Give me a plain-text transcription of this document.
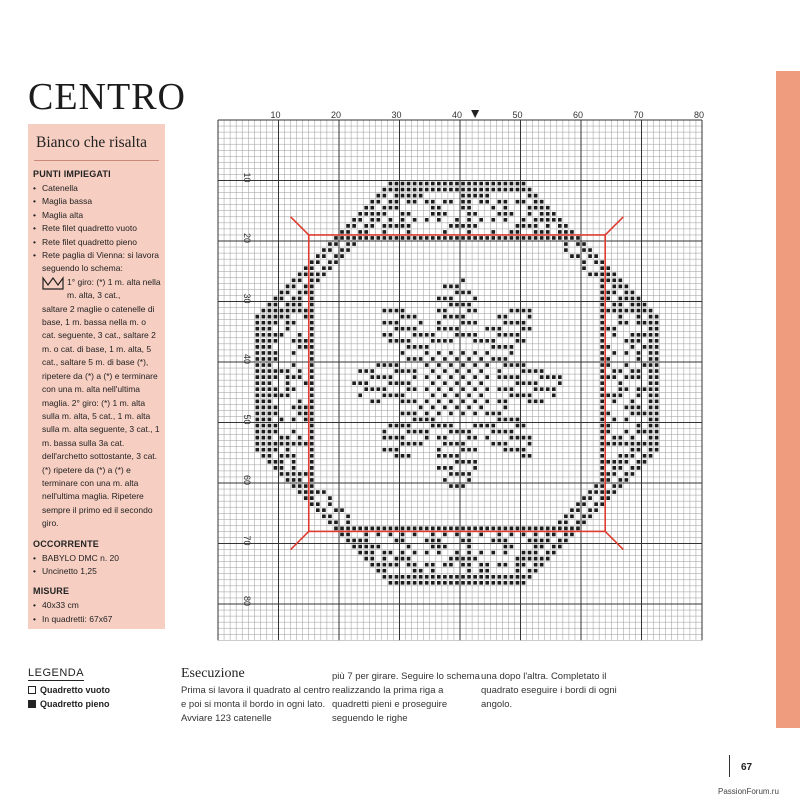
CENTRO
Bianco che risalta
PUNTI IMPIEGATI
• Catenella
• Maglia bassa
• Maglia alta
• Rete filet quadretto vuoto
• Rete filet quadretto pieno
• Rete paglia di Vienna: si lavora seguendo lo schema:
1° giro: (*) 1 m. alta nella m. alta, 3 cat.,
saltare 2 maglie o catenelle di base, 1 m. bassa nella m. o cat. seguente, 3 cat., saltare 2 m. o cat. di base, 1 m. alta, 5 cat., saltare 5 m. di base (*), ripetere da (*) a (*) e terminare con una m. alta nell'ultima maglia. 2° giro: (*) 1 m. alta sulla m. alta, 5 cat., 1 m. alta sulla m. alta seguente, 3 cat., 1 m. bassa sulla 3a cat. dell'archetto sottostante, 3 cat. (*) ripetere da (*) a (*) e terminare con una m. alta nell'ultima maglia. Ripetere sempre il primo ed il secondo giro.
OCCORRENTE
• BABYLO DMC n. 20
• Uncinetto 1,25
MISURE
• 40x33 cm
• In quadretti: 67x67
10	20	30	40	50	60	70	80
10
20
30
40
50
60
70
80
LEGENDA
Quadretto vuoto
Quadretto pieno
Esecuzione
Prima si lavora il quadrato al centro e poi si monta il bordo in ogni lato. Avviare 123 catenelle
più 7 per girare. Seguire lo schema realizzando la prima riga a quadretti pieni e proseguire seguendo le righe
una dopo l'altra. Completato il quadrato eseguire i bordi di ogni angolo.
67
PassionForum.ru
